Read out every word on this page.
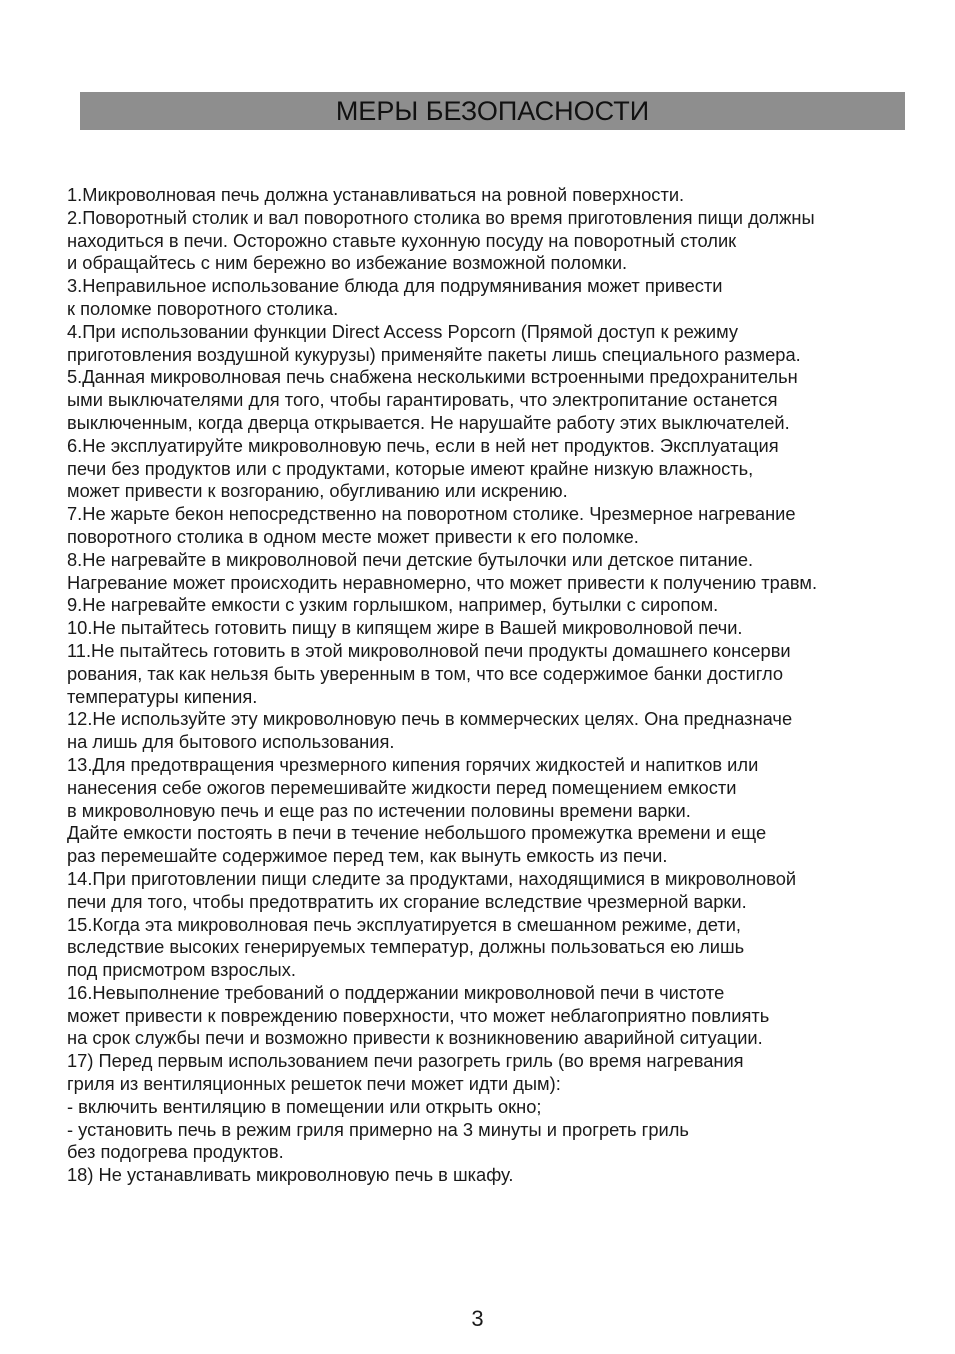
МЕРЫ БЕЗОПАСНОСТИ
1.Микроволновая печь должна устанавливаться на ровной поверхности.
2.Поворотный столик и вал поворотного столика во время приготовления пищи должны
находиться в печи. Осторожно ставьте кухонную посуду на поворотный столик
и обращайтесь с ним бережно во избежание возможной поломки.
3.Неправильное использование блюда для подрумянивания может привести
к поломке поворотного столика.
4.При использовании функции Direct Access Popcorn (Прямой доступ к режиму
приготовления воздушной кукурузы) применяйте пакеты лишь специального размера.
5.Данная микроволновая печь снабжена несколькими встроенными предохранительн
ыми выключателями для того, чтобы гарантировать, что электропитание останется
выключенным, когда дверца открывается. Не нарушайте работу этих выключателей.
6.Не эксплуатируйте микроволновую печь, если в ней нет продуктов. Эксплуатация
печи без продуктов или с продуктами, которые имеют крайне низкую влажность,
может привести к возгоранию, обугливанию или искрению.
7.Не жарьте бекон непосредственно на поворотном столике. Чрезмерное нагревание
поворотного столика в одном месте может привести к его поломке.
8.Не нагревайте в микроволновой печи детские бутылочки или детское питание.
Нагревание может происходить неравномерно, что может привести к получению травм.
9.Не нагревайте емкости с узким горлышком, например, бутылки с сиропом.
10.Не пытайтесь готовить пищу в кипящем жире в Вашей микроволновой печи.
11.Не пытайтесь готовить в этой микроволновой печи продукты домашнего консерви
рования, так как нельзя быть уверенным в том, что все содержимое банки достигло
температуры кипения.
12.Не используйте эту микроволновую печь в коммерческих целях. Она предназначе
на лишь для бытового использования.
13.Для предотвращения чрезмерного кипения горячих жидкостей и напитков или
нанесения себе ожогов перемешивайте жидкости перед помещением емкости
в микроволновую печь и еще раз по истечении половины времени варки.
Дайте емкости постоять в печи в течение небольшого промежутка времени и еще
раз перемешайте содержимое перед тем, как вынуть емкость из печи.
14.При приготовлении пищи следите за продуктами, находящимися в микроволновой
печи для того, чтобы предотвратить их сгорание вследствие чрезмерной варки.
15.Когда эта микроволновая печь эксплуатируется в смешанном режиме, дети,
вследствие высоких генерируемых температур, должны пользоваться ею лишь
под присмотром взрослых.
16.Невыполнение требований о поддержании микроволновой печи в чистоте
может привести к повреждению поверхности, что может неблагоприятно повлиять
на срок службы печи и возможно привести к возникновению аварийной ситуации.
17) Перед первым использованием печи разогреть гриль (во время нагревания
гриля из вентиляционных решеток печи может идти дым):
- включить вентиляцию в помещении или открыть окно;
- установить печь в режим гриля примерно на 3 минуты и прогреть гриль
без подогрева продуктов.
18) Не устанавливать микроволновую печь в шкафу.
3
